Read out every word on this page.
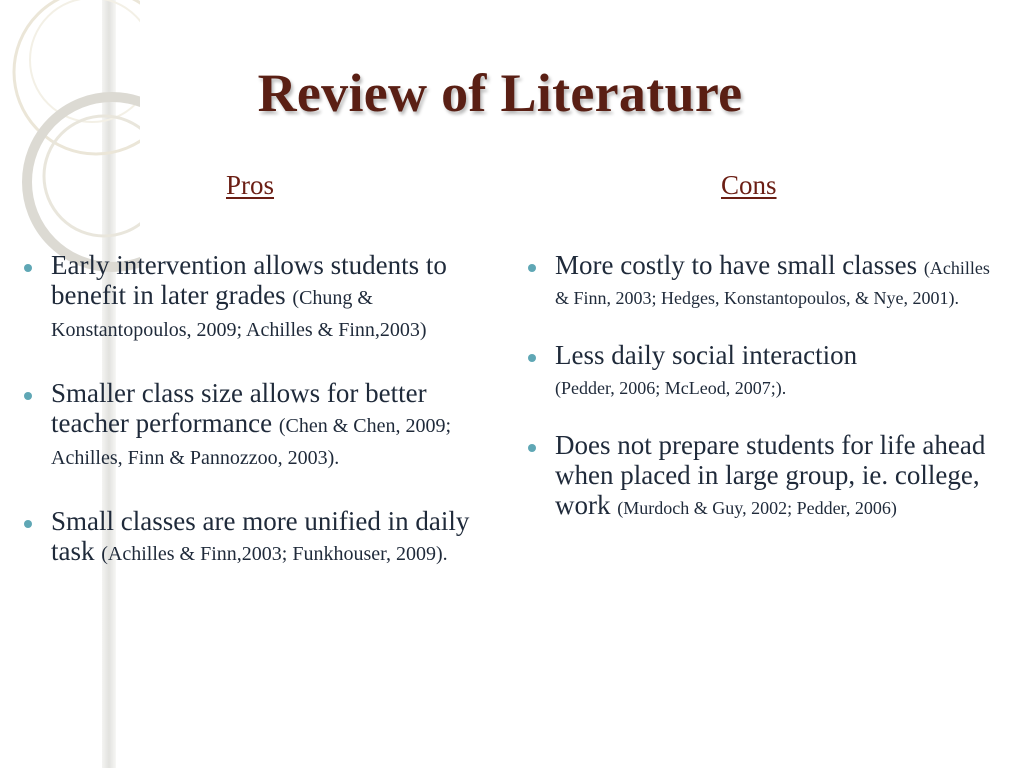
Review of Literature
Pros	Cons
Early intervention allows students to benefit in later grades (Chung & Konstantopoulos, 2009; Achilles & Finn,2003)
Smaller class size allows for better teacher performance (Chen & Chen, 2009; Achilles, Finn & Pannozzoo, 2003).
Small classes are more unified in daily task (Achilles & Finn,2003; Funkhouser, 2009).
More costly to have small classes (Achilles & Finn, 2003; Hedges, Konstantopoulos, & Nye, 2001).
Less daily social interaction
(Pedder, 2006; McLeod, 2007;).
Does not prepare students for life ahead when placed in large group, ie. college, work (Murdoch & Guy, 2002; Pedder, 2006)
